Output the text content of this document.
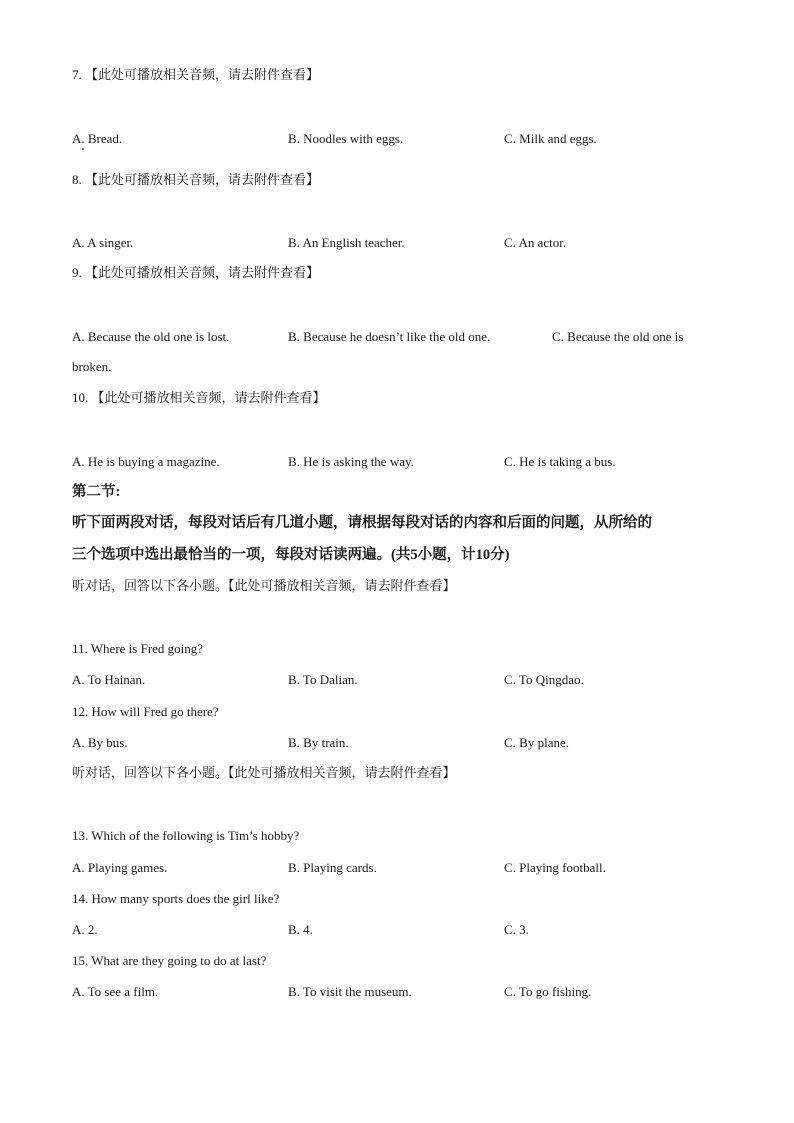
7. 【此处可播放相关音频，请去附件查看】
A. Bread.	B. Noodles with eggs.	C. Milk and eggs.
8. 【此处可播放相关音频，请去附件查看】
A. A singer.	B. An English teacher.	C. An actor.
9. 【此处可播放相关音频，请去附件查看】
A. Because the old one is lost.	B. Because he doesn’t like the old one.	C. Because the old one is
broken.
10. 【此处可播放相关音频，请去附件查看】
A. He is buying a magazine.	B. He is asking the way.	C. He is taking a bus.
第二节:
听下面两段对话，每段对话后有几道小题，请根据每段对话的内容和后面的问题，从所给的
三个选项中选出最恰当的一项，每段对话读两遍。(共5小题，计10分)
听对话，回答以下各小题。【此处可播放相关音频，请去附件查看】
11. Where is Fred going?
A. To Hainan.	B. To Dalian.	C. To Qingdao.
12. How will Fred go there?
A. By bus.	B. By train.	C. By plane.
听对话，回答以下各小题。【此处可播放相关音频，请去附件查看】
13. Which of the following is Tim’s hobby?
A. Playing games.	B. Playing cards.	C. Playing football.
14. How many sports does the girl like?
A. 2.	B. 4.	C. 3.
15. What are they going to do at last?
A. To see a film.	B. To visit the museum.	C. To go fishing.
